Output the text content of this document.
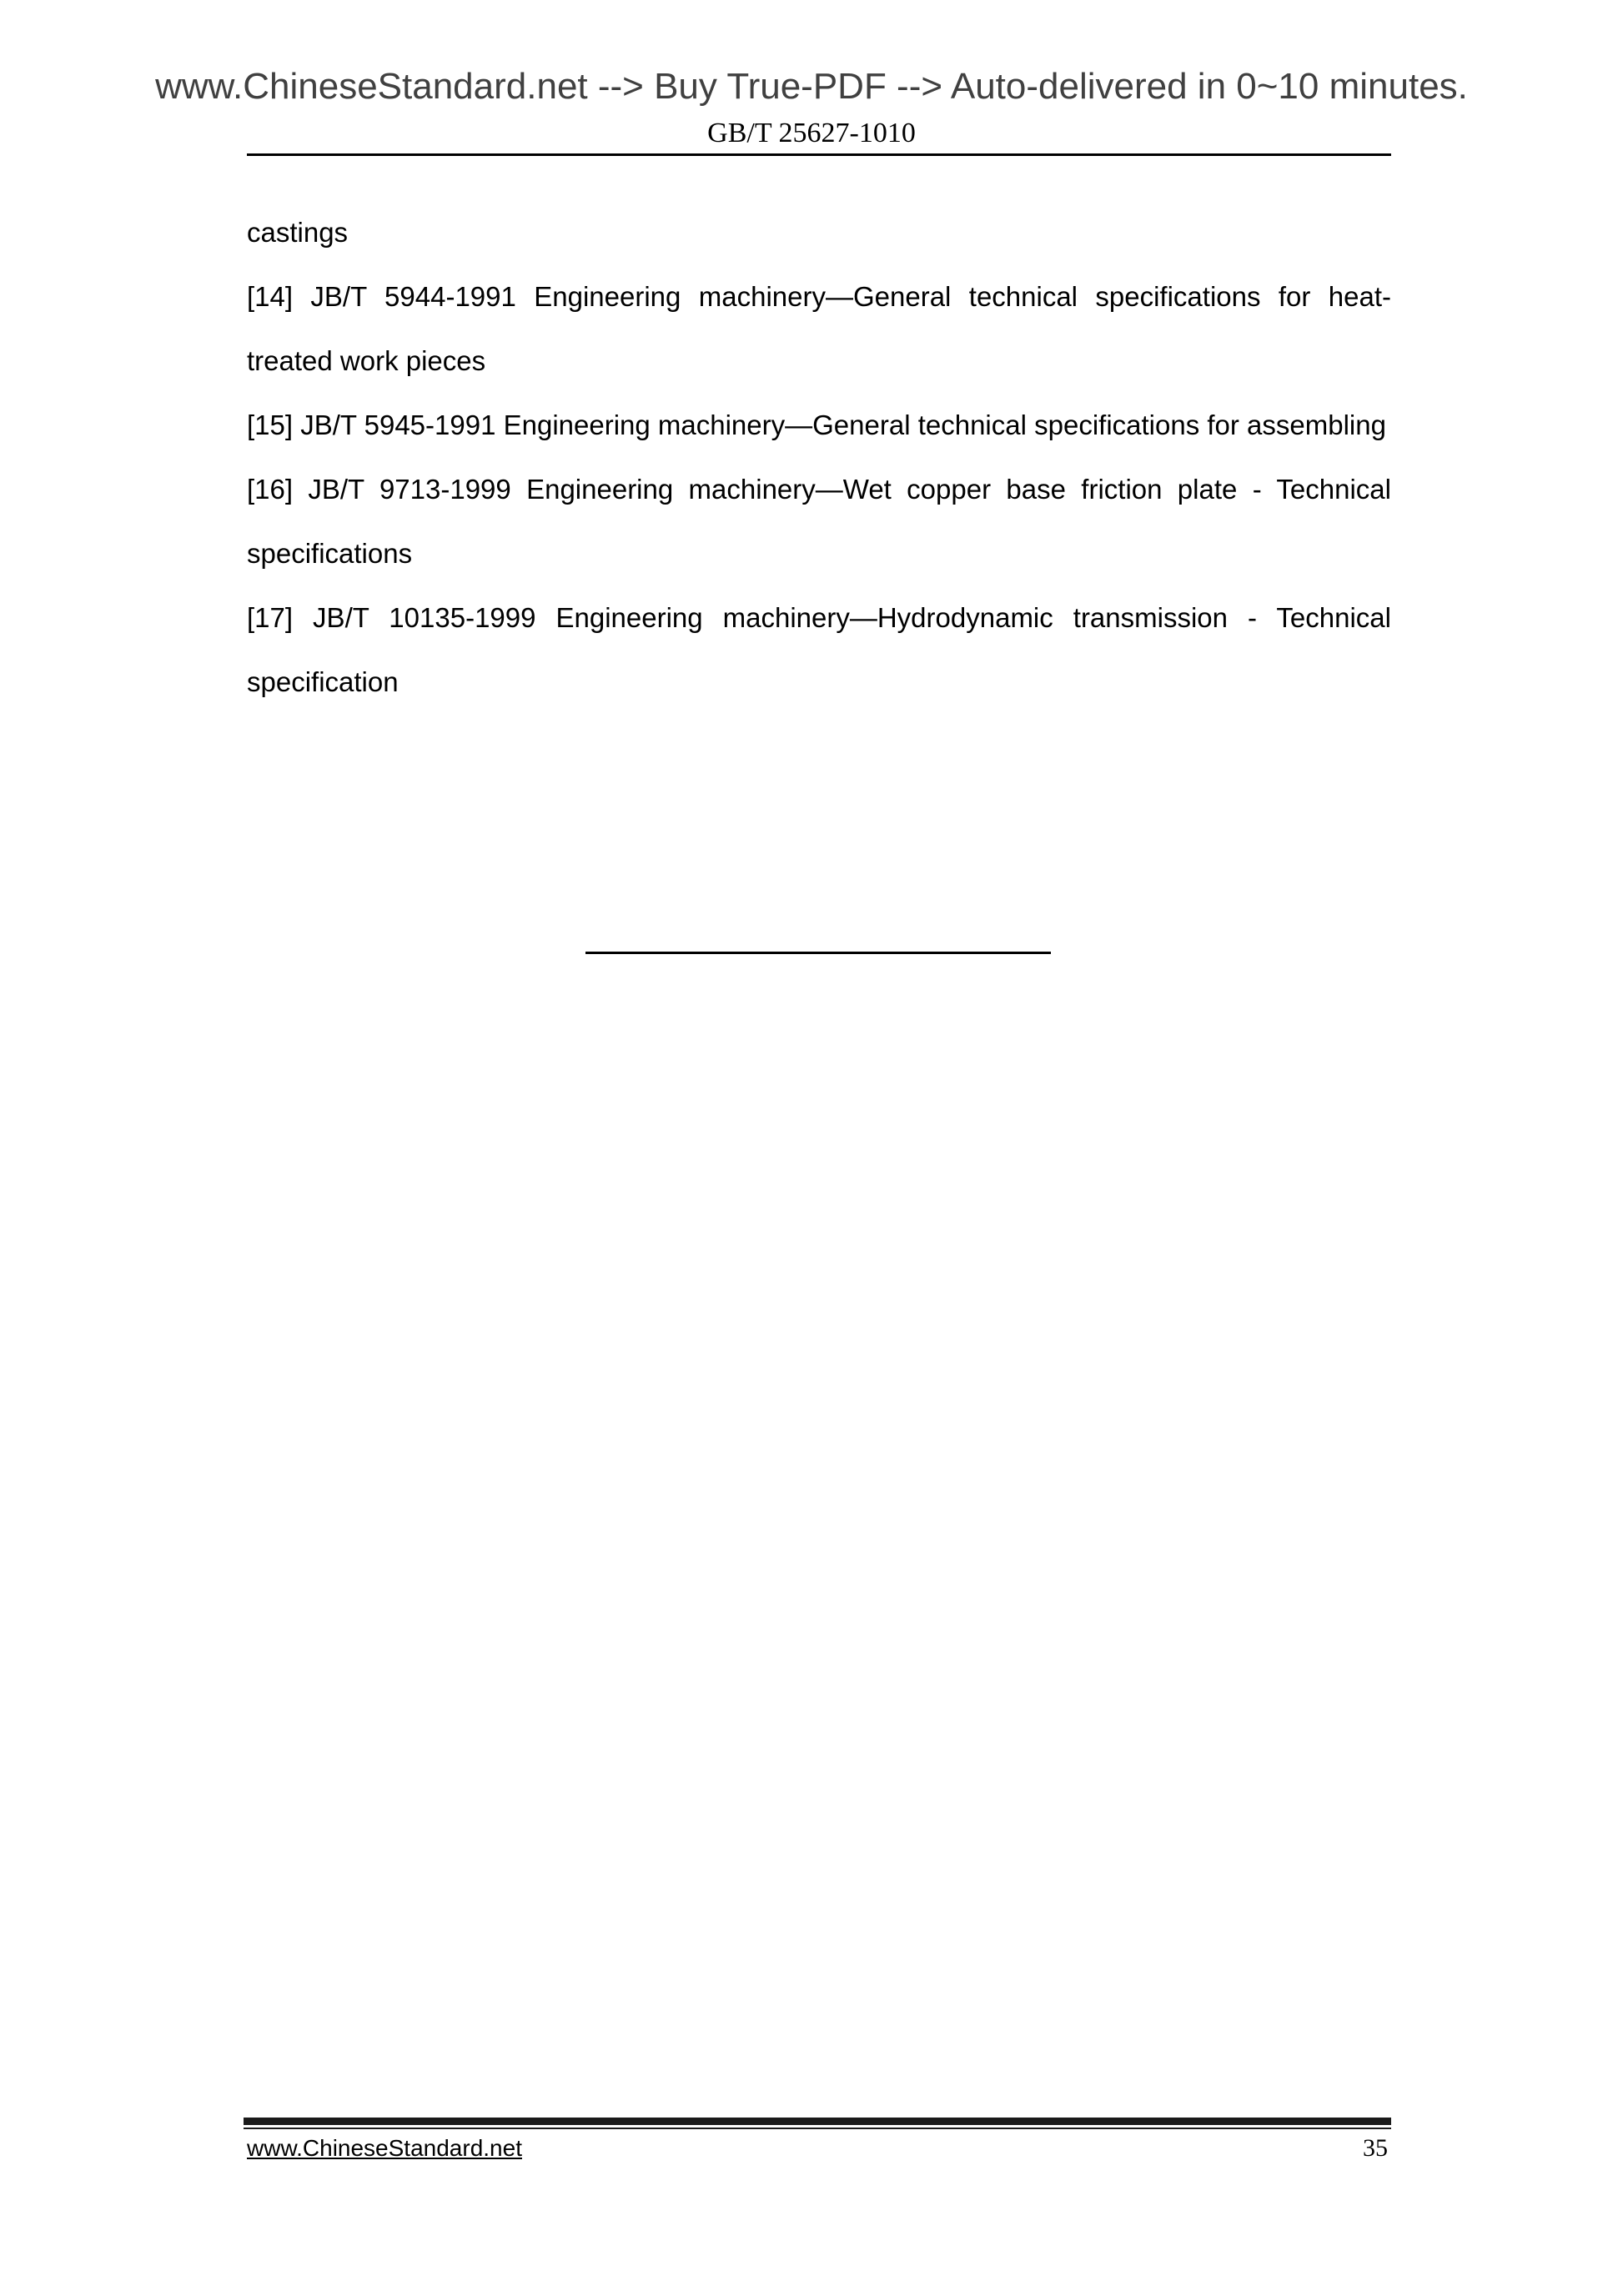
www.ChineseStandard.net --> Buy True-PDF --> Auto-delivered in 0~10 minutes.
GB/T 25627-1010

castings

[14] JB/T 5944-1991 Engineering machinery—General technical specifications for heat-treated work pieces

[15] JB/T 5945-1991 Engineering machinery—General technical specifications for assembling

[16] JB/T 9713-1999 Engineering machinery—Wet copper base friction plate - Technical specifications

[17] JB/T 10135-1999 Engineering machinery—Hydrodynamic transmission - Technical specification

www.ChineseStandard.net	35
